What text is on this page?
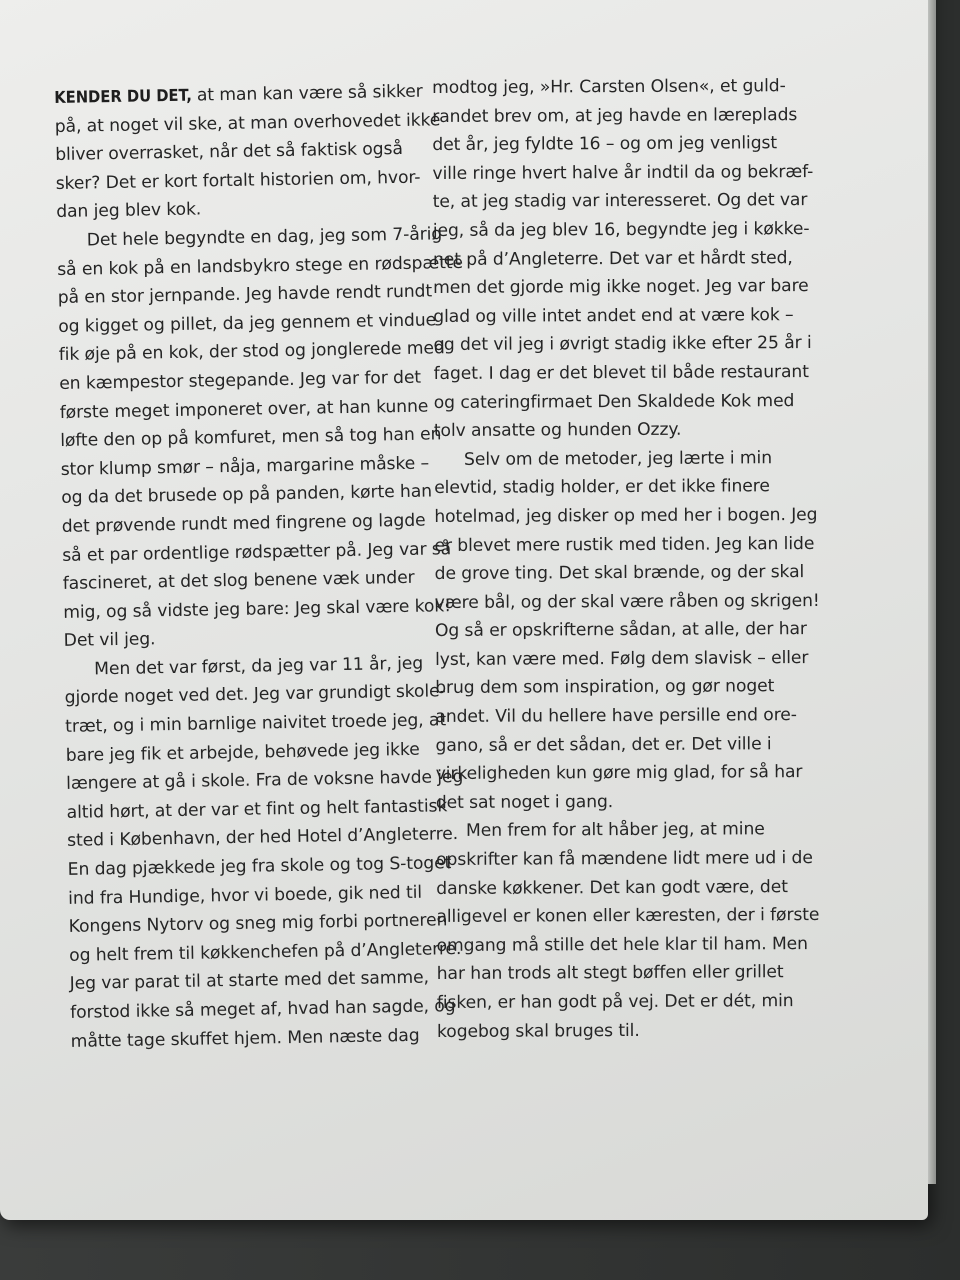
KENDER DU DET, at man kan være så sikker
på, at noget vil ske, at man overhovedet ikke
bliver overrasket, når det så faktisk også
sker? Det er kort fortalt historien om, hvor-
dan jeg blev kok.
Det hele begyndte en dag, jeg som 7-årig
så en kok på en landsbykro stege en rødspætte
på en stor jernpande. Jeg havde rendt rundt
og kigget og pillet, da jeg gennem et vindue
fik øje på en kok, der stod og jonglerede med
en kæmpestor stegepande. Jeg var for det
første meget imponeret over, at han kunne
løfte den op på komfuret, men så tog han en
stor klump smør – nåja, margarine måske –
og da det brusede op på panden, kørte han
det prøvende rundt med fingrene og lagde
så et par ordentlige rødspætter på. Jeg var så
fascineret, at det slog benene væk under
mig, og så vidste jeg bare: Jeg skal være kok!
Det vil jeg.
Men det var først, da jeg var 11 år, jeg
gjorde noget ved det. Jeg var grundigt skole-
træt, og i min barnlige naivitet troede jeg, at
bare jeg fik et arbejde, behøvede jeg ikke
længere at gå i skole. Fra de voksne havde jeg
altid hørt, at der var et fint og helt fantastisk
sted i København, der hed Hotel d’Angleterre.
En dag pjækkede jeg fra skole og tog S-toget
ind fra Hundige, hvor vi boede, gik ned til
Kongens Nytorv og sneg mig forbi portneren
og helt frem til køkkenchefen på d’Angleterre.
Jeg var parat til at starte med det samme,
forstod ikke så meget af, hvad han sagde, og
måtte tage skuffet hjem. Men næste dag
modtog jeg, »Hr. Carsten Olsen«, et guld-
randet brev om, at jeg havde en læreplads
det år, jeg fyldte 16 – og om jeg venligst
ville ringe hvert halve år indtil da og bekræf-
te, at jeg stadig var interesseret. Og det var
jeg, så da jeg blev 16, begyndte jeg i køkke-
net på d’Angleterre. Det var et hårdt sted,
men det gjorde mig ikke noget. Jeg var bare
glad og ville intet andet end at være kok –
og det vil jeg i øvrigt stadig ikke efter 25 år i
faget. I dag er det blevet til både restaurant
og cateringfirmaet Den Skaldede Kok med
tolv ansatte og hunden Ozzy.
Selv om de metoder, jeg lærte i min
elevtid, stadig holder, er det ikke finere
hotelmad, jeg disker op med her i bogen. Jeg
er blevet mere rustik med tiden. Jeg kan lide
de grove ting. Det skal brænde, og der skal
være bål, og der skal være råben og skrigen!
Og så er opskrifterne sådan, at alle, der har
lyst, kan være med. Følg dem slavisk – eller
brug dem som inspiration, og gør noget
andet. Vil du hellere have persille end ore-
gano, så er det sådan, det er. Det ville i
virkeligheden kun gøre mig glad, for så har
det sat noget i gang.
Men frem for alt håber jeg, at mine
opskrifter kan få mændene lidt mere ud i de
danske køkkener. Det kan godt være, det
alligevel er konen eller kæresten, der i første
omgang må stille det hele klar til ham. Men
har han trods alt stegt bøffen eller grillet
fisken, er han godt på vej. Det er dét, min
kogebog skal bruges til.
